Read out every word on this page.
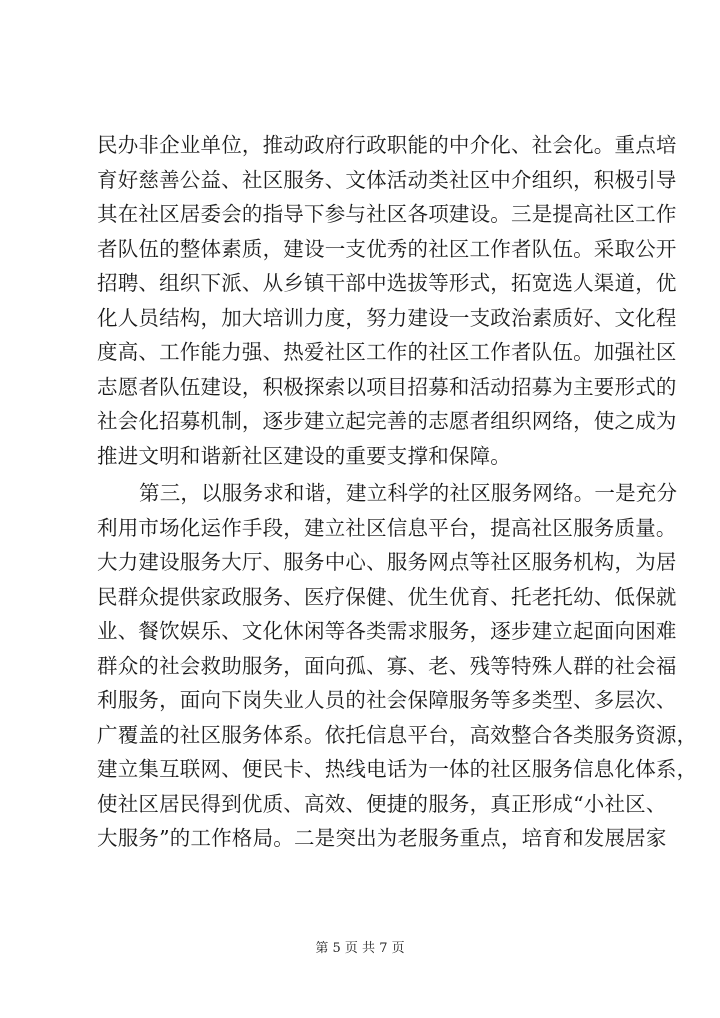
民办非企业单位，推动政府行政职能的中介化、社会化。重点培
育好慈善公益、社区服务、文体活动类社区中介组织，积极引导
其在社区居委会的指导下参与社区各项建设。三是提高社区工作
者队伍的整体素质，建设一支优秀的社区工作者队伍。采取公开
招聘、组织下派、从乡镇干部中选拔等形式，拓宽选人渠道，优
化人员结构，加大培训力度，努力建设一支政治素质好、文化程
度高、工作能力强、热爱社区工作的社区工作者队伍。加强社区
志愿者队伍建设，积极探索以项目招募和活动招募为主要形式的
社会化招募机制，逐步建立起完善的志愿者组织网络，使之成为
推进文明和谐新社区建设的重要支撑和保障。
第三，以服务求和谐，建立科学的社区服务网络。一是充分
利用市场化运作手段，建立社区信息平台，提高社区服务质量。
大力建设服务大厅、服务中心、服务网点等社区服务机构，为居
民群众提供家政服务、医疗保健、优生优育、托老托幼、低保就
业、餐饮娱乐、文化休闲等各类需求服务，逐步建立起面向困难
群众的社会救助服务，面向孤、寡、老、残等特殊人群的社会福
利服务，面向下岗失业人员的社会保障服务等多类型、多层次、
广覆盖的社区服务体系。依托信息平台，高效整合各类服务资源，
建立集互联网、便民卡、热线电话为一体的社区服务信息化体系，
使社区居民得到优质、高效、便捷的服务，真正形成“小社区、
大服务”的工作格局。二是突出为老服务重点，培育和发展居家
第 5 页 共 7 页
